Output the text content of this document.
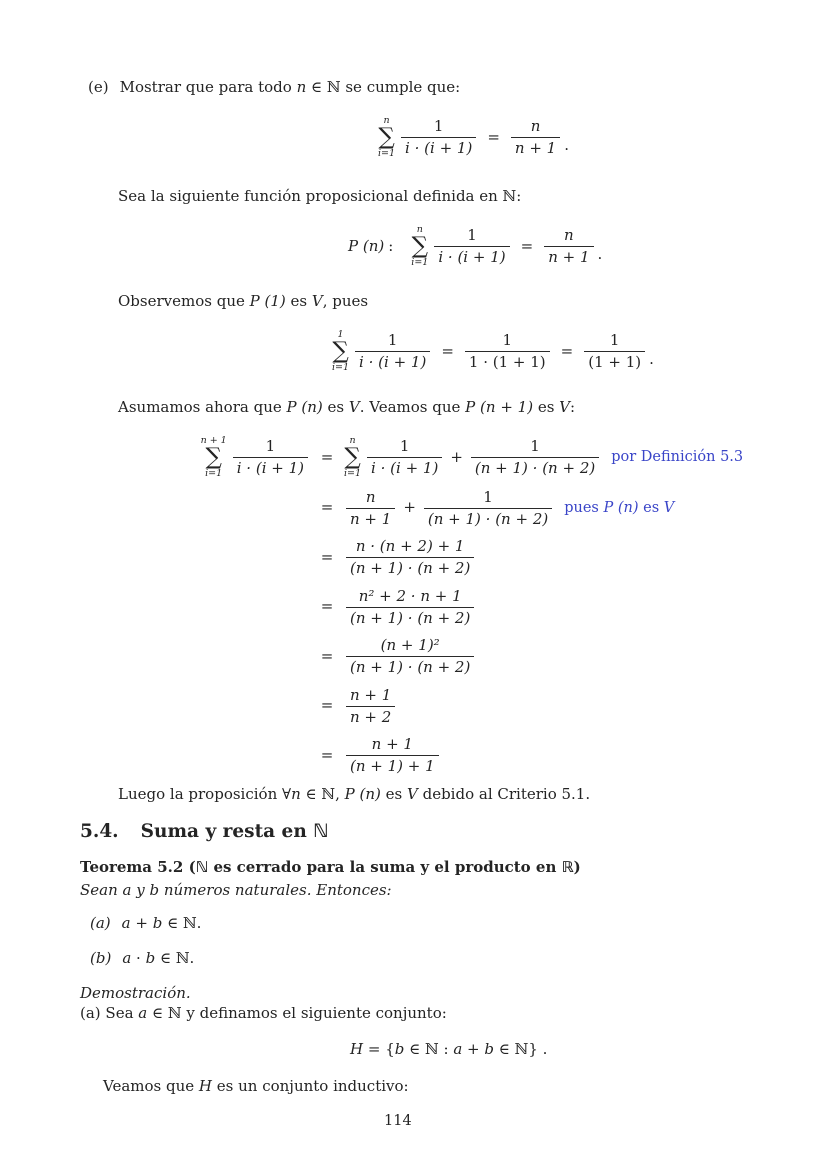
(e) Mostrar que para todo n ∈ ℕ se cumple que:
n
∑
$i=1 \frac{1}{i \cdot (i + 1)} = \frac{n}{n + 1}$ .
Sea la siguiente función proposicional definida en ℕ:
P (n) :
n
∑
$i=1 \frac{1}{i \cdot (i + 1)} = \frac{n}{n + 1}$ .
Observemos que P (1) es V, pues
1
∑
$i=1 \frac{1}{i \cdot (i + 1)} = \frac{1}{1 \cdot (1 + 1)} = \frac{1}{(1 + 1)}$ .
Asumamos ahora que P (n) es V. Veamos que P (n + 1) es V:
n + 1
∑
$i=1 \frac{1}{i \cdot (i + 1)}$ =
n
∑
$i=1 \frac{1}{i \cdot (i + 1)} + \frac{1}{(n + 1) \cdot (n + 2)}$ por Definición 5.3
= $\frac{n}{n + 1} + \frac{1}{(n + 1) \cdot (n + 2)}$ pues P (n) es V
= $\frac{n \cdot (n + 2) + 1}{(n + 1) \cdot (n + 2)}$
= $\frac{\text{n² + 2 · n + 1}}{(n + 1) \cdot (n + 2)}$
= $\frac{\text{(n + 1)²}}{(n + 1) \cdot (n + 2)}$
= $\frac{n + 1}{n + 2}$
= $\frac{n + 1}{(n + 1) + 1}$
Luego la proposición ∀n ∈ ℕ, P (n) es V debido al Criterio 5.1.
5.4. Suma y resta en ℕ
Teorema 5.2 (ℕ es cerrado para la suma y el producto en ℝ)
Sean a y b números naturales. Entonces:
(a) a + b ∈ ℕ.
(b) a · b ∈ ℕ.
Demostración.
(a) Sea a ∈ ℕ y definamos el siguiente conjunto:
H = {b ∈ ℕ : a + b ∈ ℕ} .
Veamos que H es un conjunto inductivo:
114
